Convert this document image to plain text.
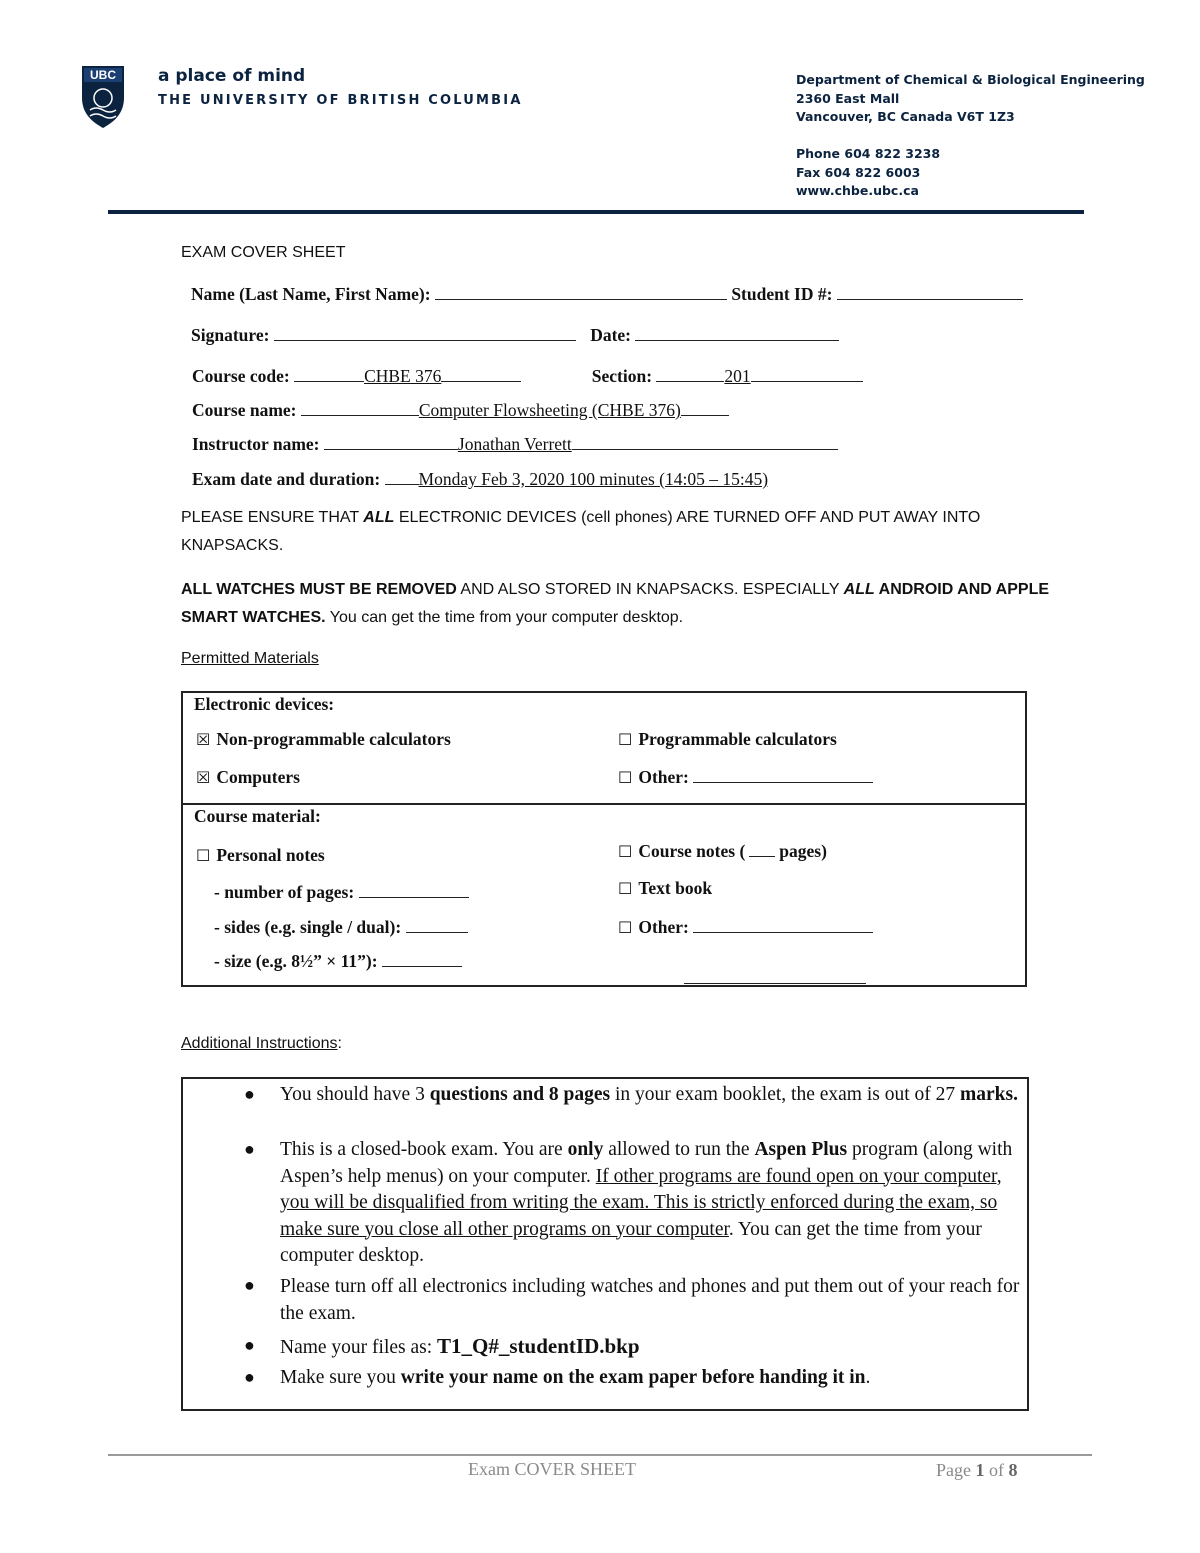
UBC a place of mind
THE UNIVERSITY OF BRITISH COLUMBIA
Department of Chemical & Biological Engineering
2360 East Mall
Vancouver, BC Canada V6T 1Z3
Phone 604 822 3238
Fax 604 822 6003
www.chbe.ubc.ca
EXAM COVER SHEET
Name (Last Name, First Name):	Student ID #:
Signature:	Date:
Course code:	CHBE 376	Section:	201
Course name:	Computer Flowsheeting (CHBE 376)
Instructor name:	Jonathan Verrett
Exam date and duration: Monday Feb 3, 2020 100 minutes (14:05 – 15:45)
PLEASE ENSURE THAT ALL ELECTRONIC DEVICES (cell phones) ARE TURNED OFF AND PUT AWAY INTO KNAPSACKS.
ALL WATCHES MUST BE REMOVED AND ALSO STORED IN KNAPSACKS. ESPECIALLY ALL ANDROID AND APPLE SMART WATCHES. You can get the time from your computer desktop.
Permitted Materials
Electronic devices:
☒ Non-programmable calculators	☐ Programmable calculators
☒ Computers	☐ Other:
Course material:
☐ Personal notes	☐ Course notes ( pages)
- number of pages:	☐ Text book
- sides (e.g. single / dual):	☐ Other:
- size (e.g. 8½” × 11”):
Additional Instructions:
●	You should have 3 questions and 8 pages in your exam booklet, the exam is out of 27 marks.
●	This is a closed-book exam. You are only allowed to run the Aspen Plus program (along with Aspen’s help menus) on your computer. If other programs are found open on your computer, you will be disqualified from writing the exam. This is strictly enforced during the exam, so make sure you close all other programs on your computer. You can get the time from your computer desktop.
●	Please turn off all electronics including watches and phones and put them out of your reach for the exam.
●	Name your files as: T1_Q#_studentID.bkp
●	Make sure you write your name on the exam paper before handing it in.
Exam COVER SHEET	Page 1 of 8
